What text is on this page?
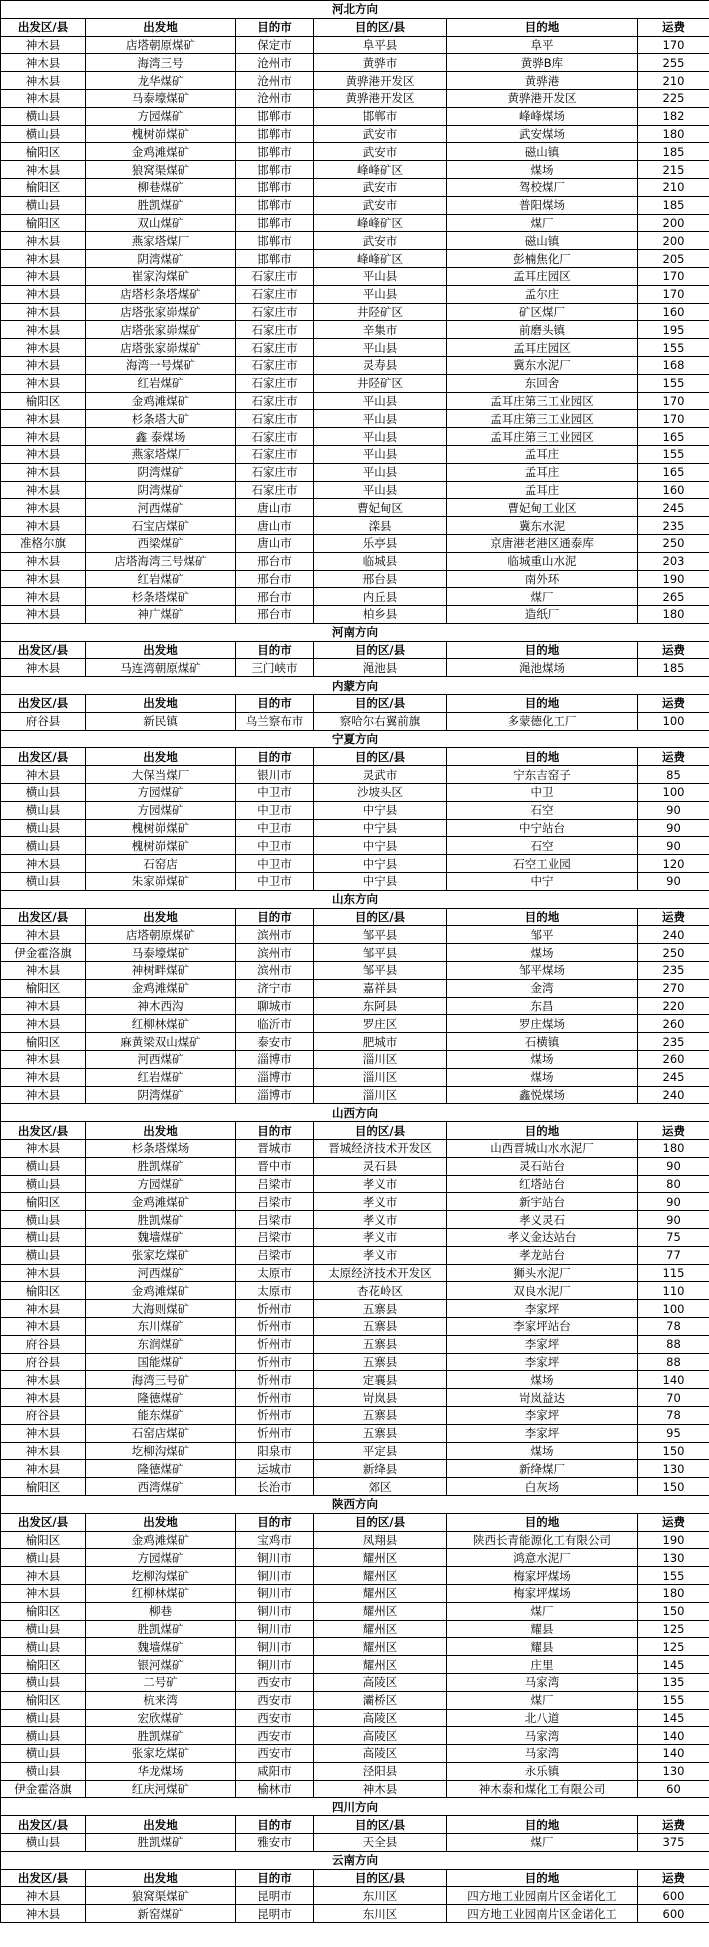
河北方向					
出发区/县	出发地	目的市	目的区/县	目的地	运费
神木县	店塔朝原煤矿	保定市	阜平县	阜平	170
神木县	海湾三号	沧州市	黄骅市	黄骅B库	255
神木县	龙华煤矿	沧州市	黄骅港开发区	黄骅港	210
神木县	马泰壕煤矿	沧州市	黄骅港开发区	黄骅港开发区	225
横山县	方园煤矿	邯郸市	邯郸市	峰峰煤场	182
横山县	槐树峁煤矿	邯郸市	武安市	武安煤场	180
榆阳区	金鸡滩煤矿	邯郸市	武安市	磁山镇	185
神木县	狼窝渠煤矿	邯郸市	峰峰矿区	煤场	215
榆阳区	柳巷煤矿	邯郸市	武安市	驾校煤厂	210
横山县	胜凯煤矿	邯郸市	武安市	普阳煤场	185
榆阳区	双山煤矿	邯郸市	峰峰矿区	煤厂	200
神木县	燕家塔煤厂	邯郸市	武安市	磁山镇	200
神木县	阴湾煤矿	邯郸市	峰峰矿区	彭楠焦化厂	205
神木县	崔家沟煤矿	石家庄市	平山县	孟耳庄园区	170
神木县	店塔杉条塔煤矿	石家庄市	平山县	孟尔庄	170
神木县	店塔张家峁煤矿	石家庄市	井陉矿区	矿区煤厂	160
神木县	店塔张家峁煤矿	石家庄市	辛集市	前磨头镇	195
神木县	店塔张家峁煤矿	石家庄市	平山县	孟耳庄园区	155
神木县	海湾一号煤矿	石家庄市	灵寿县	冀东水泥厂	168
神木县	红岩煤矿	石家庄市	井陉矿区	东回舍	155
榆阳区	金鸡滩煤矿	石家庄市	平山县	孟耳庄第三工业园区	170
神木县	杉条塔大矿	石家庄市	平山县	孟耳庄第三工业园区	170
神木县	鑫 泰煤场	石家庄市	平山县	孟耳庄第三工业园区	165
神木县	燕家塔煤厂	石家庄市	平山县	孟耳庄	155
神木县	阴湾煤矿	石家庄市	平山县	孟耳庄	165
神木县	阴湾煤矿	石家庄市	平山县	孟耳庄	160
神木县	河西煤矿	唐山市	曹妃甸区	曹妃甸工业区	245
神木县	石宝店煤矿	唐山市	滦县	冀东水泥	235
准格尔旗	西梁煤矿	唐山市	乐亭县	京唐港老港区通泰库	250
神木县	店塔海湾三号煤矿	邢台市	临城县	临城重山水泥	203
神木县	红岩煤矿	邢台市	邢台县	南外环	190
神木县	杉条塔煤矿	邢台市	内丘县	煤厂	265
神木县	神广煤矿	邢台市	柏乡县	造纸厂	180
河南方向					
出发区/县	出发地	目的市	目的区/县	目的地	运费
神木县	马连湾朝原煤矿	三门峡市	渑池县	渑池煤场	185
内蒙方向					
出发区/县	出发地	目的市	目的区/县	目的地	运费
府谷县	新民镇	乌兰察布市	察哈尔右翼前旗	多蒙德化工厂	100
宁夏方向					
出发区/县	出发地	目的市	目的区/县	目的地	运费
神木县	大保当煤厂	银川市	灵武市	宁东吉窑子	85
横山县	方园煤矿	中卫市	沙坡头区	中卫	100
横山县	方园煤矿	中卫市	中宁县	石空	90
横山县	槐树峁煤矿	中卫市	中宁县	中宁站台	90
横山县	槐树峁煤矿	中卫市	中宁县	石空	90
神木县	石窑店	中卫市	中宁县	石空工业园	120
横山县	朱家峁煤矿	中卫市	中宁县	中宁	90
山东方向					
出发区/县	出发地	目的市	目的区/县	目的地	运费
神木县	店塔朝原煤矿	滨州市	邹平县	邹平	240
伊金霍洛旗	马泰壕煤矿	滨州市	邹平县	煤场	250
神木县	神树畔煤矿	滨州市	邹平县	邹平煤场	235
榆阳区	金鸡滩煤矿	济宁市	嘉祥县	金湾	270
神木县	神木西沟	聊城市	东阿县	东昌	220
神木县	红柳林煤矿	临沂市	罗庄区	罗庄煤场	260
榆阳区	麻黄梁双山煤矿	泰安市	肥城市	石横镇	235
神木县	河西煤矿	淄博市	淄川区	煤场	260
神木县	红岩煤矿	淄博市	淄川区	煤场	245
神木县	阴湾煤矿	淄博市	淄川区	鑫悦煤场	240
山西方向					
出发区/县	出发地	目的市	目的区/县	目的地	运费
神木县	杉条塔煤场	晋城市	晋城经济技术开发区	山西晋城山水水泥厂	180
横山县	胜凯煤矿	晋中市	灵石县	灵石站台	90
横山县	方园煤矿	吕梁市	孝义市	红塔站台	80
榆阳区	金鸡滩煤矿	吕梁市	孝义市	新宇站台	90
横山县	胜凯煤矿	吕梁市	孝义市	孝义灵石	90
横山县	魏墙煤矿	吕梁市	孝义市	孝义金达站台	75
横山县	张家圪煤矿	吕梁市	孝义市	孝龙站台	77
神木县	河西煤矿	太原市	太原经济技术开发区	狮头水泥厂	115
榆阳区	金鸡滩煤矿	太原市	杏花岭区	双良水泥厂	110
神木县	大海则煤矿	忻州市	五寨县	李家坪	100
神木县	东川煤矿	忻州市	五寨县	李家坪站台	78
府谷县	东润煤矿	忻州市	五寨县	李家坪	88
府谷县	国能煤矿	忻州市	五寨县	李家坪	88
神木县	海湾三号矿	忻州市	定襄县	煤场	140
神木县	隆德煤矿	忻州市	岢岚县	岢岚益达	70
府谷县	能东煤矿	忻州市	五寨县	李家坪	78
神木县	石窑店煤矿	忻州市	五寨县	李家坪	95
神木县	圪柳沟煤矿	阳泉市	平定县	煤场	150
神木县	隆德煤矿	运城市	新绛县	新绛煤厂	130
榆阳区	西湾煤矿	长治市	郊区	白灰场	150
陕西方向					
出发区/县	出发地	目的市	目的区/县	目的地	运费
榆阳区	金鸡滩煤矿	宝鸡市	凤翔县	陕西长青能源化工有限公司	190
横山县	方园煤矿	铜川市	耀州区	鸿意水泥厂	130
神木县	圪柳沟煤矿	铜川市	耀州区	梅家坪煤场	155
神木县	红柳林煤矿	铜川市	耀州区	梅家坪煤场	180
榆阳区	柳巷	铜川市	耀州区	煤厂	150
横山县	胜凯煤矿	铜川市	耀州区	耀县	125
横山县	魏墙煤矿	铜川市	耀州区	耀县	125
榆阳区	银河煤矿	铜川市	耀州区	庄里	145
横山县	二号矿	西安市	高陵区	马家湾	135
榆阳区	杭来湾	西安市	灞桥区	煤厂	155
横山县	宏欣煤矿	西安市	高陵区	北八道	145
横山县	胜凯煤矿	西安市	高陵区	马家湾	140
横山县	张家圪煤矿	西安市	高陵区	马家湾	140
横山县	华龙煤场	咸阳市	泾阳县	永乐镇	130
伊金霍洛旗	红庆河煤矿	榆林市	神木县	神木泰和煤化工有限公司	60
四川方向					
出发区/县	出发地	目的市	目的区/县	目的地	运费
横山县	胜凯煤矿	雅安市	天全县	煤厂	375
云南方向					
出发区/县	出发地	目的市	目的区/县	目的地	运费
神木县	狼窝渠煤矿	昆明市	东川区	四方地工业园南片区金诺化工	600
神木县	新窑煤矿	昆明市	东川区	四方地工业园南片区金诺化工	600
